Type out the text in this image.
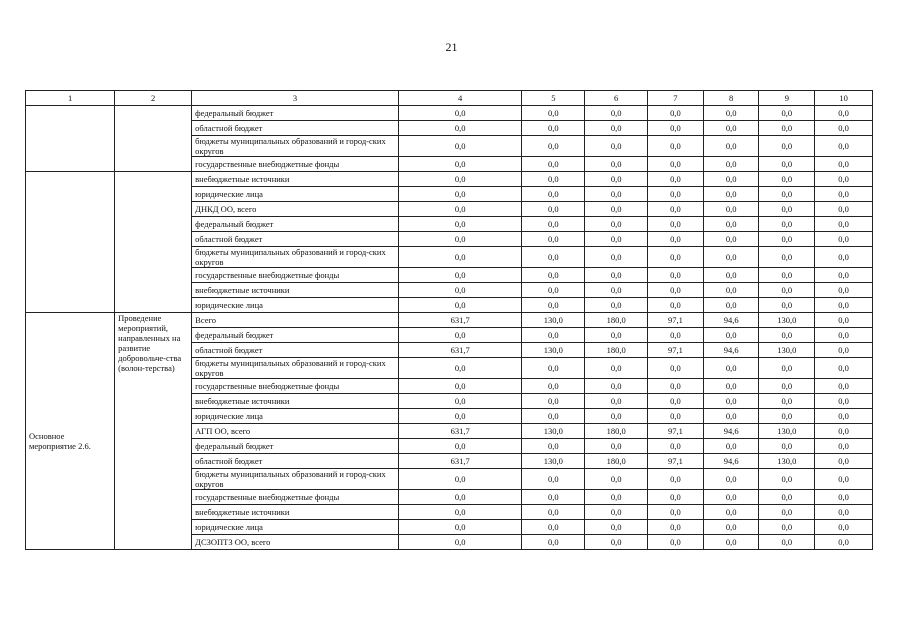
21
1	2	3	4	5	6	7	8	9	10
		федеральный бюджет	0,0	0,0	0,0	0,0	0,0	0,0	0,0
		областной бюджет	0,0	0,0	0,0	0,0	0,0	0,0	0,0
		бюджеты муниципальных образований и город-ских округов	0,0	0,0	0,0	0,0	0,0	0,0	0,0
		государственные внебюджетные фонды	0,0	0,0	0,0	0,0	0,0	0,0	0,0
		внебюджетные источники	0,0	0,0	0,0	0,0	0,0	0,0	0,0
		юридические лица	0,0	0,0	0,0	0,0	0,0	0,0	0,0
		ДНКД ОО, всего	0,0	0,0	0,0	0,0	0,0	0,0	0,0
		федеральный бюджет	0,0	0,0	0,0	0,0	0,0	0,0	0,0
		областной бюджет	0,0	0,0	0,0	0,0	0,0	0,0	0,0
		бюджеты муниципальных образований и город-ских округов	0,0	0,0	0,0	0,0	0,0	0,0	0,0
		государственные внебюджетные фонды	0,0	0,0	0,0	0,0	0,0	0,0	0,0
		внебюджетные источники	0,0	0,0	0,0	0,0	0,0	0,0	0,0
		юридические лица	0,0	0,0	0,0	0,0	0,0	0,0	0,0

Основное мероприятие 2.6.	Проведение мероприятий, направленных на развитие добровольче-ства (волон-терства)	Всего	631,7	130,0	180,0	97,1	94,6	130,0	0,0
		федеральный бюджет	0,0	0,0	0,0	0,0	0,0	0,0	0,0
		областной бюджет	631,7	130,0	180,0	97,1	94,6	130,0	0,0
		бюджеты муниципальных образований и город-ских округов	0,0	0,0	0,0	0,0	0,0	0,0	0,0
		государственные внебюджетные фонды	0,0	0,0	0,0	0,0	0,0	0,0	0,0
		внебюджетные источники	0,0	0,0	0,0	0,0	0,0	0,0	0,0
		юридические лица	0,0	0,0	0,0	0,0	0,0	0,0	0,0
		АГП ОО, всего	631,7	130,0	180,0	97,1	94,6	130,0	0,0
		федеральный бюджет	0,0	0,0	0,0	0,0	0,0	0,0	0,0
		областной бюджет	631,7	130,0	180,0	97,1	94,6	130,0	0,0
		бюджеты муниципальных образований и город-ских округов	0,0	0,0	0,0	0,0	0,0	0,0	0,0
		государственные внебюджетные фонды	0,0	0,0	0,0	0,0	0,0	0,0	0,0
		внебюджетные источники	0,0	0,0	0,0	0,0	0,0	0,0	0,0
		юридические лица	0,0	0,0	0,0	0,0	0,0	0,0	0,0
		ДСЗОПТЗ ОО, всего	0,0	0,0	0,0	0,0	0,0	0,0	0,0
